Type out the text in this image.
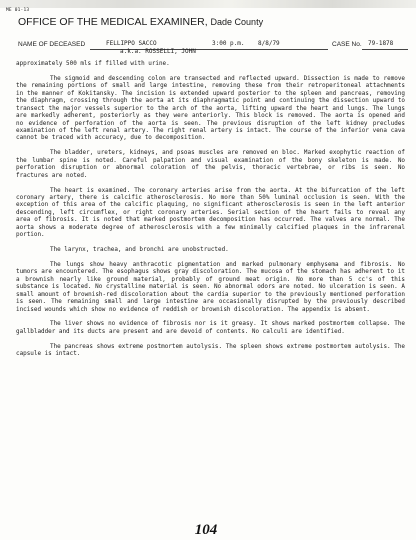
ME 01-13
OFFICE OF THE MEDICAL EXAMINER, Dade County
NAME OF DECEASED	FELLIPPO SACCO	3:00 p.m. 8/8/79	CASE No. 79-1878
a.k.a. ROSSELLI, JOHN

approximately 500 mls if filled with urine.

The sigmoid and descending colon are transected and reflected upward. Dissection is made to remove the remaining portions of small and large intestine, removing these from their retroperitoneal attachments in the manner of Kokitansky. The incision is extended upward posterior to the spleen and pancreas, removing the diaphragm, crossing through the aorta at its diaphragmatic point and continuing the dissection upward to transect the major vessels superior to the arch of the aorta, lifting upward the heart and lungs. The lungs are markedly adherent, posteriorly as they were anteriorly. This block is removed. The aorta is opened and no evidence of perforation of the aorta is seen. The previous disruption of the left kidney precludes examination of the left renal artery. The right renal artery is intact. The course of the inferior vena cava cannot be traced with accuracy, due to decomposition.

The bladder, ureters, kidneys, and psoas muscles are removed en bloc. Marked exophytic reaction of the lumbar spine is noted. Careful palpation and visual examination of the bony skeleton is made. No perforation disruption or abnormal coloration of the pelvis, thoracic vertebrae, or ribs is seen. No fractures are noted.

The heart is examined. The coronary arteries arise from the aorta. At the bifurcation of the left coronary artery, there is calcific atherosclerosis. No more than 50% luminal occlusion is seen. With the exception of this area of the calcific plaquing, no significant atherosclerosis is seen in the left anterior descending, left circumflex, or right coronary arteries. Serial section of the heart fails to reveal any area of fibrosis. It is noted that marked postmortem decomposition has occurred. The valves are normal. The aorta shows a moderate degree of atherosclerosis with a few minimally calcified plaques in the infrarenal portion.

The larynx, trachea, and bronchi are unobstructed.

The lungs show heavy anthracotic pigmentation and marked pulmonary emphysema and fibrosis. No tumors are encountered. The esophagus shows gray discoloration. The mucosa of the stomach has adherent to it a brownish nearly like ground material, probably of ground meat origin. No more than 5 cc's of this substance is located. No crystalline material is seen. No abnormal odors are noted. No ulceration is seen. A small amount of brownish-red discoloration about the cardia superior to the previously mentioned perforation is seen. The remaining small and large intestine are occasionally disrupted by the previously described incised wounds which show no evidence of reddish or brownish discoloration. The appendix is absent.

The liver shows no evidence of fibrosis nor is it greasy. It shows marked postmortem collapse. The gallbladder and its ducts are present and are devoid of contents. No calculi are identified.

The pancreas shows extreme postmortem autolysis. The spleen shows extreme postmortem autolysis. The capsule is intact.

104
